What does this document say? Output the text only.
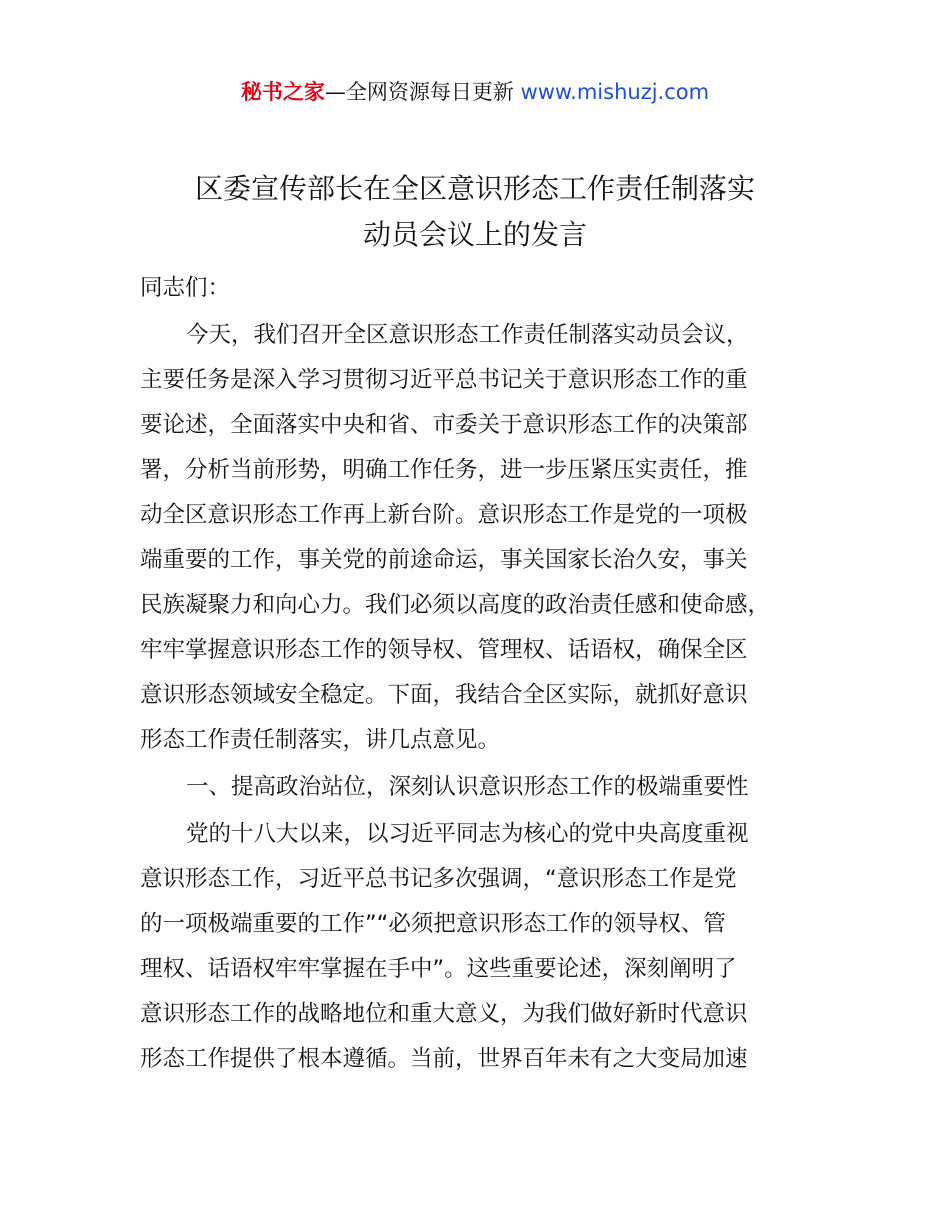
秘书之家—全网资源每日更新 www.mishuzj.com
区委宣传部长在全区意识形态工作责任制落实
动员会议上的发言

同志们：

今天，我们召开全区意识形态工作责任制落实动员会议，
主要任务是深入学习贯彻习近平总书记关于意识形态工作的重
要论述，全面落实中央和省、市委关于意识形态工作的决策部
署，分析当前形势，明确工作任务，进一步压紧压实责任，推
动全区意识形态工作再上新台阶。意识形态工作是党的一项极
端重要的工作，事关党的前途命运，事关国家长治久安，事关
民族凝聚力和向心力。我们必须以高度的政治责任感和使命感，
牢牢掌握意识形态工作的领导权、管理权、话语权，确保全区
意识形态领域安全稳定。下面，我结合全区实际，就抓好意识
形态工作责任制落实，讲几点意见。

一、提高政治站位，深刻认识意识形态工作的极端重要性

党的十八大以来，以习近平同志为核心的党中央高度重视
意识形态工作，习近平总书记多次强调，“意识形态工作是党
的一项极端重要的工作”“必须把意识形态工作的领导权、管
理权、话语权牢牢掌握在手中”。这些重要论述，深刻阐明了
意识形态工作的战略地位和重大意义，为我们做好新时代意识
形态工作提供了根本遵循。当前，世界百年未有之大变局加速
